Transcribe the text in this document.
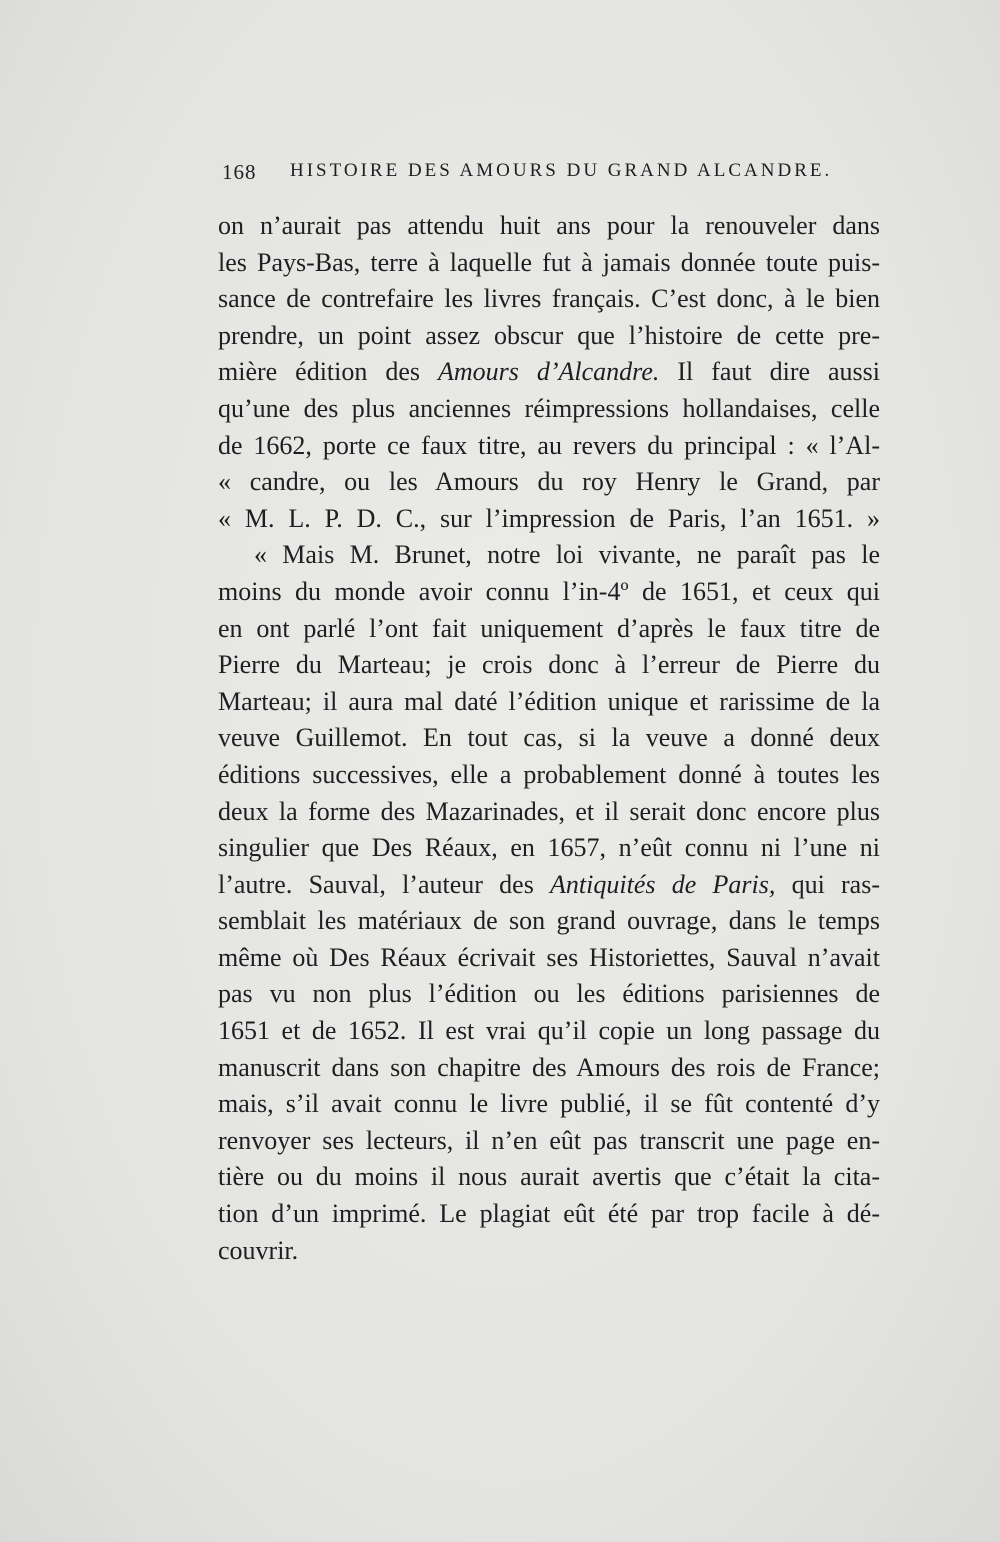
168 HISTOIRE DES AMOURS DU GRAND ALCANDRE.
on n’aurait pas attendu huit ans pour la renouveler dans
les Pays-Bas, terre à laquelle fut à jamais donnée toute puis-
sance de contrefaire les livres français. C’est donc, à le bien
prendre, un point assez obscur que l’histoire de cette pre-
mière édition des Amours d’Alcandre. Il faut dire aussi
qu’une des plus anciennes réimpressions hollandaises, celle
de 1662, porte ce faux titre, au revers du principal : « l’Al-
« candre, ou les Amours du roy Henry le Grand, par
« M. L. P. D. C., sur l’impression de Paris, l’an 1651. »
« Mais M. Brunet, notre loi vivante, ne paraît pas le
moins du monde avoir connu l’in-4º de 1651, et ceux qui
en ont parlé l’ont fait uniquement d’après le faux titre de
Pierre du Marteau; je crois donc à l’erreur de Pierre du
Marteau; il aura mal daté l’édition unique et rarissime de la
veuve Guillemot. En tout cas, si la veuve a donné deux
éditions successives, elle a probablement donné à toutes les
deux la forme des Mazarinades, et il serait donc encore plus
singulier que Des Réaux, en 1657, n’eût connu ni l’une ni
l’autre. Sauval, l’auteur des Antiquités de Paris, qui ras-
semblait les matériaux de son grand ouvrage, dans le temps
même où Des Réaux écrivait ses Historiettes, Sauval n’avait
pas vu non plus l’édition ou les éditions parisiennes de
1651 et de 1652. Il est vrai qu’il copie un long passage du
manuscrit dans son chapitre des Amours des rois de France;
mais, s’il avait connu le livre publié, il se fût contenté d’y
renvoyer ses lecteurs, il n’en eût pas transcrit une page en-
tière ou du moins il nous aurait avertis que c’était la cita-
tion d’un imprimé. Le plagiat eût été par trop facile à dé-
couvrir.
